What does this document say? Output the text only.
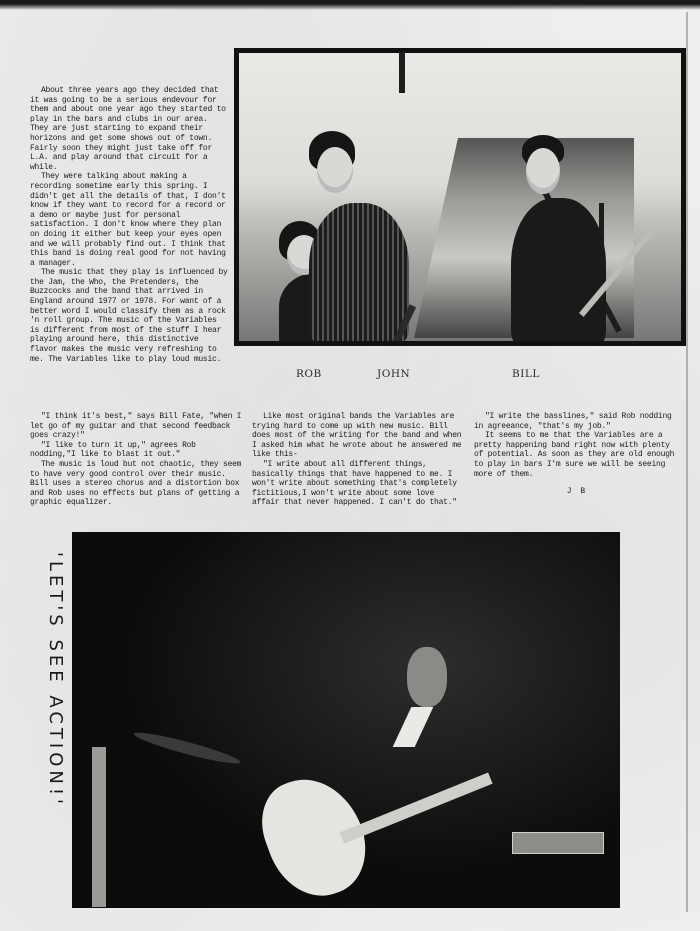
About three years ago they decided that it was going to be a serious endevour for them and about one year ago they started to play in the bars and clubs in our area. They are just starting to expand their horizons and get some shows out of town. Fairly soon they might just take off for L.A. and play around that circuit for a while.

They were talking about making a recording sometime early this spring. I didn't get all the details of that, I don't know if they want to record for a record or a demo or maybe just for personal satisfaction. I don't know where they plan on doing it either but keep your eyes open and we will probably find out. I think that this band is doing real good for not having a manager.

The music that they play is influenced by the Jam, the Who, the Pretenders, the Buzzcocks and the band that arrived in England around 1977 or 1978. For want of a better word I would classify them as a rock 'n roll group. The music of the Variables is different from most of the stuff I hear playing around here, this distinctive flavor makes the music very refreshing to me. The Variables like to play loud music.

ROB	JOHN	BILL

"I think it's best," says Bill Fate, "when I let go of my guitar and that second feedback goes crazy!"

"I like to turn it up," agrees Rob nodding,"I like to blast it out."

The music is loud but not chaotic, they seem to have very good control over their music. Bill uses a stereo chorus and a distortion box and Rob uses no effects but plans of getting a graphic equalizer.

Like most original bands the Variables are trying hard to come up with new music. Bill does most of the writing for the band and when I asked him what he wrote about he answered me like this-

"I write about all different things, basically things that have happened to me. I won't write about something that's completely fictitious,I won't write about some love affair that never happened. I can't do that."

"I write the basslines," said Rob nodding in agreeance, "that's my job."

It seems to me that the Variables are a pretty happening band right now with plenty of potential. As soon as they are old enough to play in bars I'm sure we will be seeing more of them.

J B
'LET'S SEE ACTION!'
